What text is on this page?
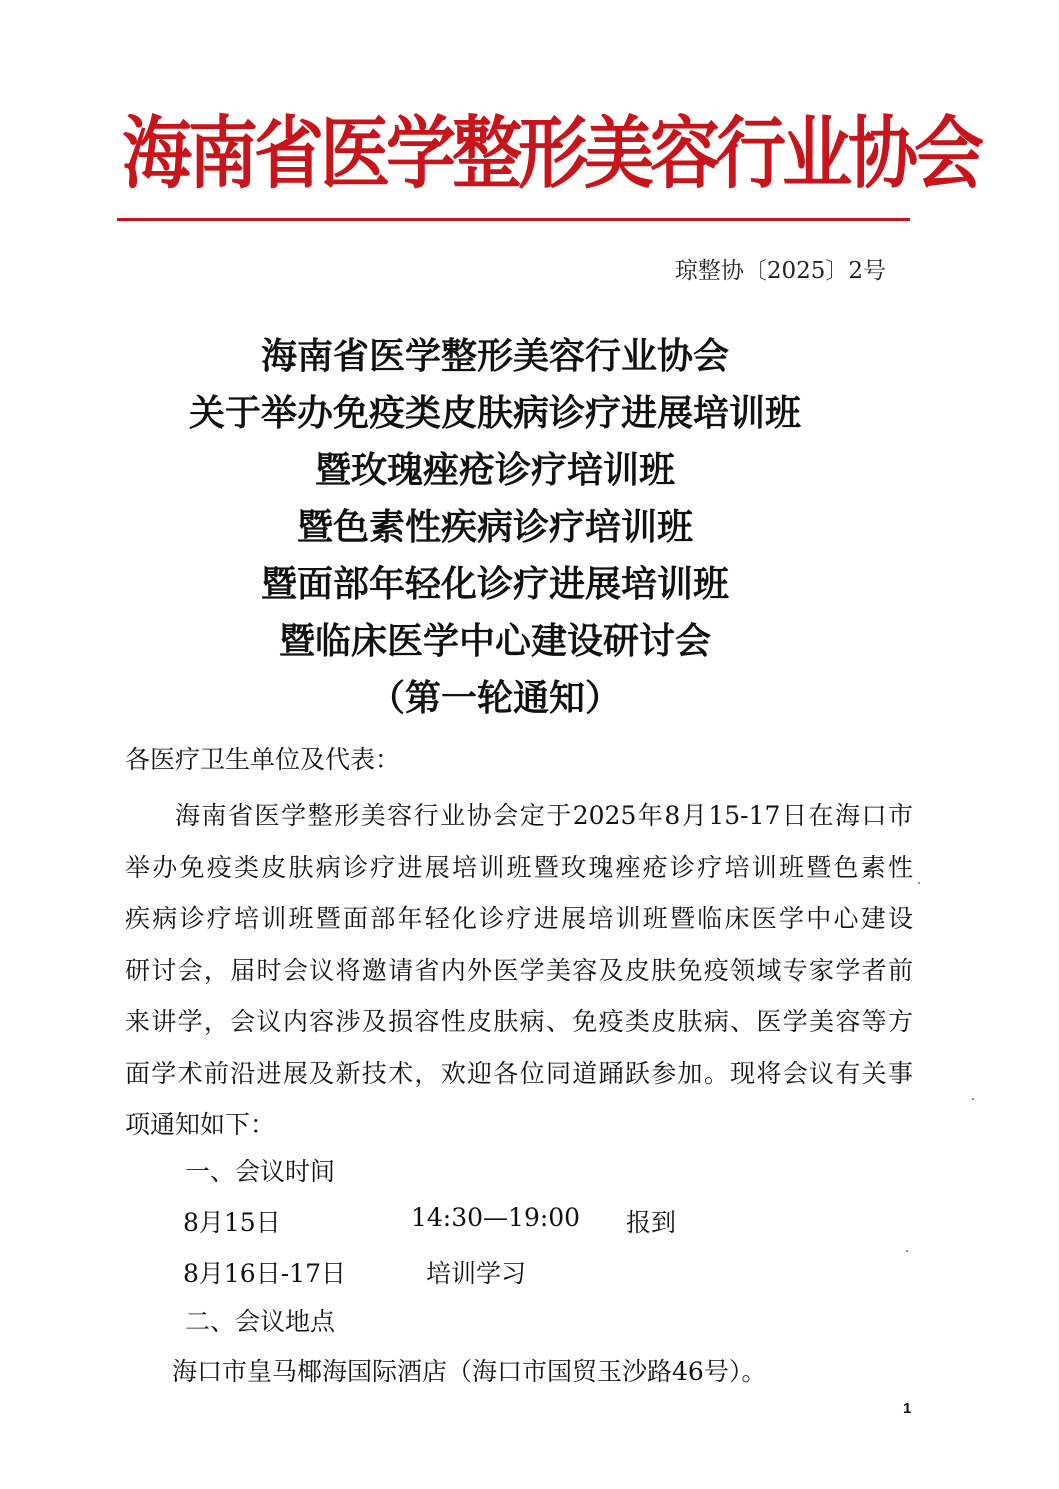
海南省医学整形美容行业协会
琼整协〔2025〕2号
海南省医学整形美容行业协会
关于举办免疫类皮肤病诊疗进展培训班
暨玫瑰痤疮诊疗培训班
暨色素性疾病诊疗培训班
暨面部年轻化诊疗进展培训班
暨临床医学中心建设研讨会
（第一轮通知）
各医疗卫生单位及代表：
海南省医学整形美容行业协会定于2025年8月15-17日在海口市
举办免疫类皮肤病诊疗进展培训班暨玫瑰痤疮诊疗培训班暨色素性
疾病诊疗培训班暨面部年轻化诊疗进展培训班暨临床医学中心建设
研讨会，届时会议将邀请省内外医学美容及皮肤免疫领域专家学者前
来讲学，会议内容涉及损容性皮肤病、免疫类皮肤病、医学美容等方
面学术前沿进展及新技术，欢迎各位同道踊跃参加。现将会议有关事
项通知如下：
一、会议时间
8月15日	14:30—19:00 报到
8月16日-17日	培训学习
二、会议地点
海口市皇马椰海国际酒店（海口市国贸玉沙路46号）。
1
